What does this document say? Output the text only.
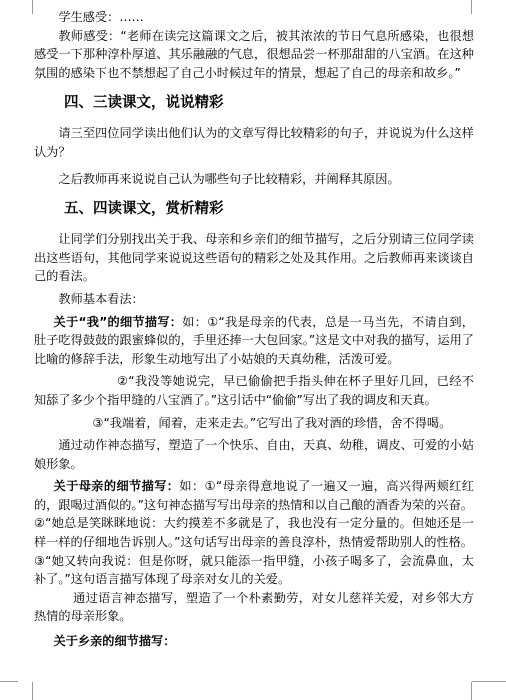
学生感受：……

教师感受：“老师在读完这篇课文之后，被其浓浓的节日气息所感染，也很想感受一下那种淳朴厚道、其乐融融的气息，很想品尝一杯那甜甜的八宝酒。在这种氛围的感染下也不禁想起了自己小时候过年的情景，想起了自己的母亲和故乡。”

四、三读课文，说说精彩

请三至四位同学读出他们认为的文章写得比较精彩的句子，并说说为什么这样认为？

之后教师再来说说自己认为哪些句子比较精彩，并阐释其原因。

五、四读课文，赏析精彩

让同学们分别找出关于我、母亲和乡亲们的细节描写，之后分别请三位同学读出这些语句，其他同学来说说这些语句的精彩之处及其作用。之后教师再来谈谈自己的看法。

教师基本看法：

关于“我”的细节描写：如：①“我是母亲的代表，总是一马当先，不请自到，肚子吃得鼓鼓的跟蜜蜂似的，手里还捧一大包回家。”这是文中对我的描写，运用了比喻的修辞手法，形象生动地写出了小姑娘的天真幼稚，活泼可爱。

②“我没等她说完，早已偷偷把手指头伸在杯子里好几回，已经不知舔了多少个指甲缝的八宝酒了。”这引话中“偷偷”写出了我的调皮和天真。

③“我端着，闻着，走来走去。”它写出了我对酒的珍惜，舍不得喝。

通过动作神态描写，塑造了一个快乐、自由，天真、幼稚，调皮、可爱的小姑娘形象。

关于母亲的细节描写：如：①“母亲得意地说了一遍又一遍，高兴得两颊红红的，跟喝过酒似的。”这句神态描写写出母亲的热情和以自己酿的酒香为荣的兴奋。

②“她总是笑眯眯地说：大约摸差不多就是了，我也没有一定分量的。但她还是一样一样的仔细地告诉别人。”这句话写出母亲的善良淳朴，热情爱帮助别人的性格。

③“她又转向我说：但是你呀，就只能添一指甲缝，小孩子喝多了，会流鼻血，太补了。”这句语言描写体现了母亲对女儿的关爱。

通过语言神态描写，塑造了一个朴素勤劳，对女儿慈祥关爱，对乡邻大方热情的母亲形象。

关于乡亲的细节描写：
